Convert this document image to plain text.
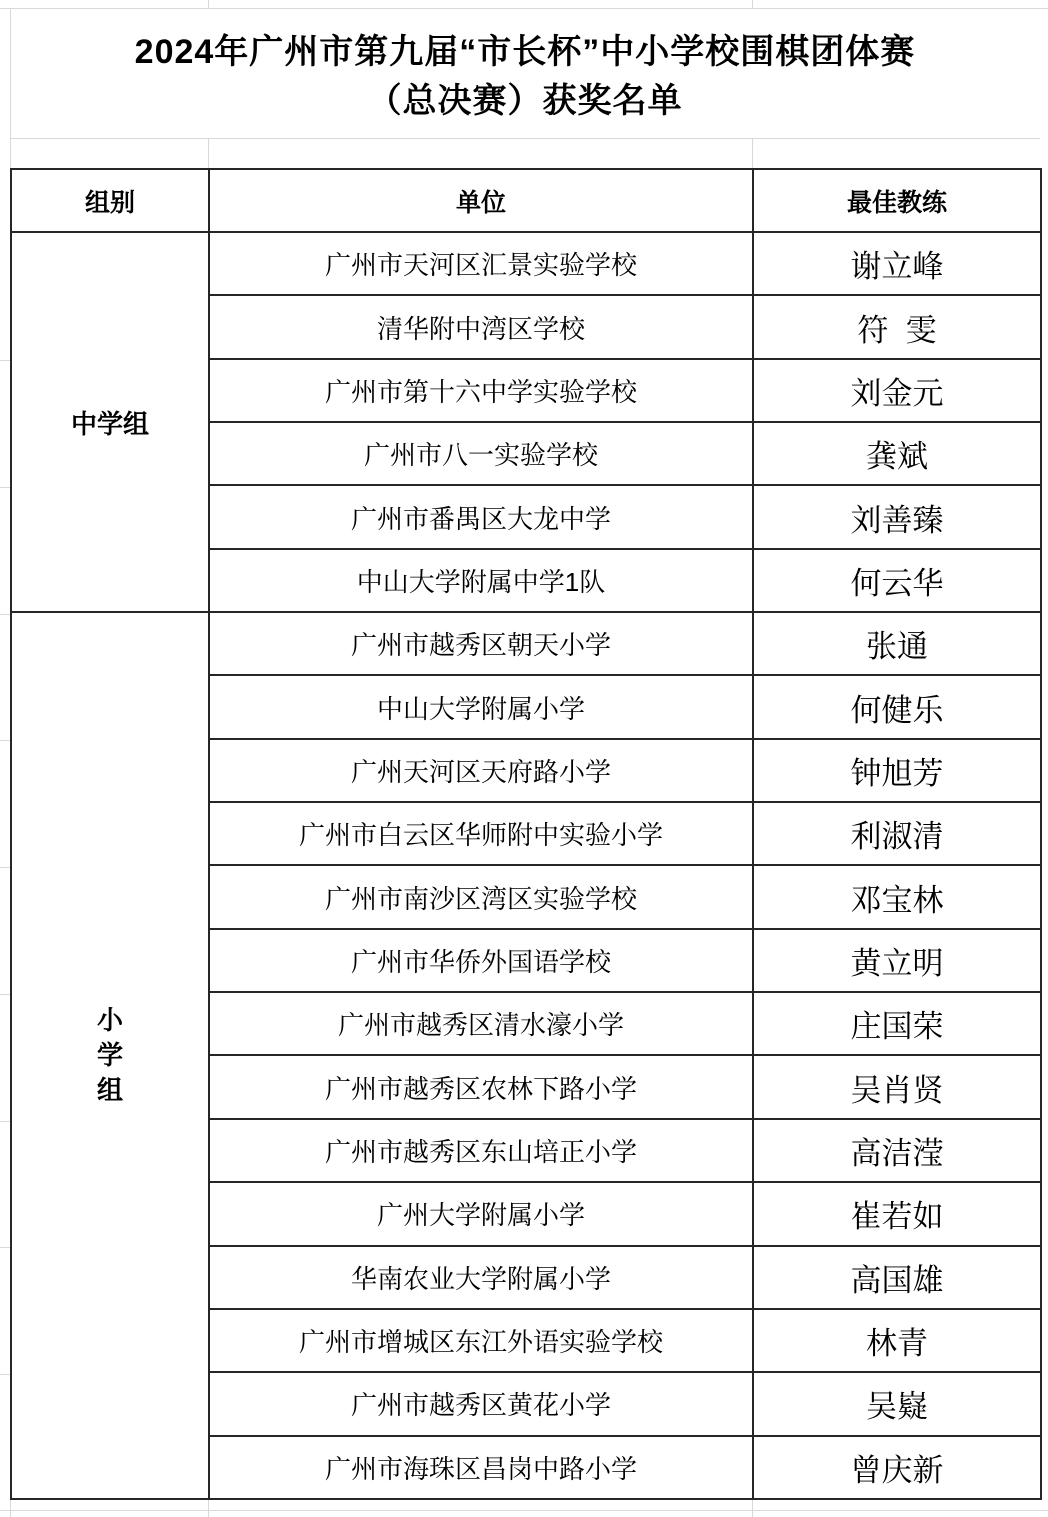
2024年广州市第九届“市长杯”中小学校围棋团体赛
（总决赛）获奖名单
组别	单位	最佳教练
中学组	广州市天河区汇景实验学校	谢立峰
	清华附中湾区学校	符  雯
	广州市第十六中学实验学校	刘金元
	广州市八一实验学校	龚斌
	广州市番禺区大龙中学	刘善臻
	中山大学附属中学1队	何云华
小学组	广州市越秀区朝天小学	张通
	中山大学附属小学	何健乐
	广州天河区天府路小学	钟旭芳
	广州市白云区华师附中实验小学	利淑清
	广州市南沙区湾区实验学校	邓宝林
	广州市华侨外国语学校	黄立明
	广州市越秀区清水濠小学	庄国荣
	广州市越秀区农林下路小学	吴肖贤
	广州市越秀区东山培正小学	高洁滢
	广州大学附属小学	崔若如
	华南农业大学附属小学	高国雄
	广州市增城区东江外语实验学校	林青
	广州市越秀区黄花小学	吴嶷
	广州市海珠区昌岗中路小学	曾庆新
